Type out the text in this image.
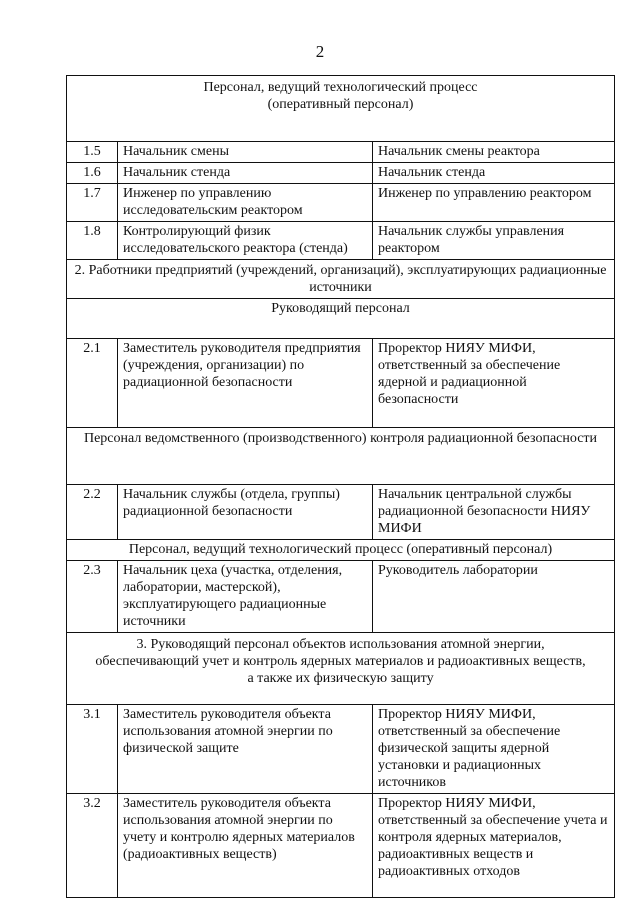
2
Персонал, ведущий технологический процесс
(оперативный персонал)		
1.5	Начальник смены	Начальник смены реактора
1.6	Начальник стенда	Начальник стенда
1.7	Инженер по управлению исследовательским реактором	Инженер по управлению реактором
1.8	Контролирующий физик исследовательского реактора (стенда)	Начальник службы управления реактором
2. Работники предприятий (учреждений, организаций), эксплуатирующих радиационные источники		
Руководящий персонал		
2.1	Заместитель руководителя предприятия (учреждения, организации) по радиационной безопасности	Проректор НИЯУ МИФИ, ответственный за обеспечение ядерной и радиационной безопасности
Персонал ведомственного (производственного) контроля радиационной безопасности		
2.2	Начальник службы (отдела, группы) радиационной безопасности	Начальник центральной службы радиационной безопасности НИЯУ МИФИ
Персонал, ведущий технологический процесс (оперативный персонал)		
2.3	Начальник цеха (участка, отделения, лаборатории, мастерской), эксплуатирующего радиационные источники	Руководитель лаборатории
3. Руководящий персонал объектов использования атомной энергии, обеспечивающий учет и контроль ядерных материалов и радиоактивных веществ, а также их физическую защиту		
3.1	Заместитель руководителя объекта использования атомной энергии по физической защите	Проректор НИЯУ МИФИ, ответственный за обеспечение физической защиты ядерной установки и радиационных источников
3.2	Заместитель руководителя объекта использования атомной энергии по учету и контролю ядерных материалов (радиоактивных веществ)	Проректор НИЯУ МИФИ, ответственный за обеспечение учета и контроля ядерных материалов, радиоактивных веществ и радиоактивных отходов
